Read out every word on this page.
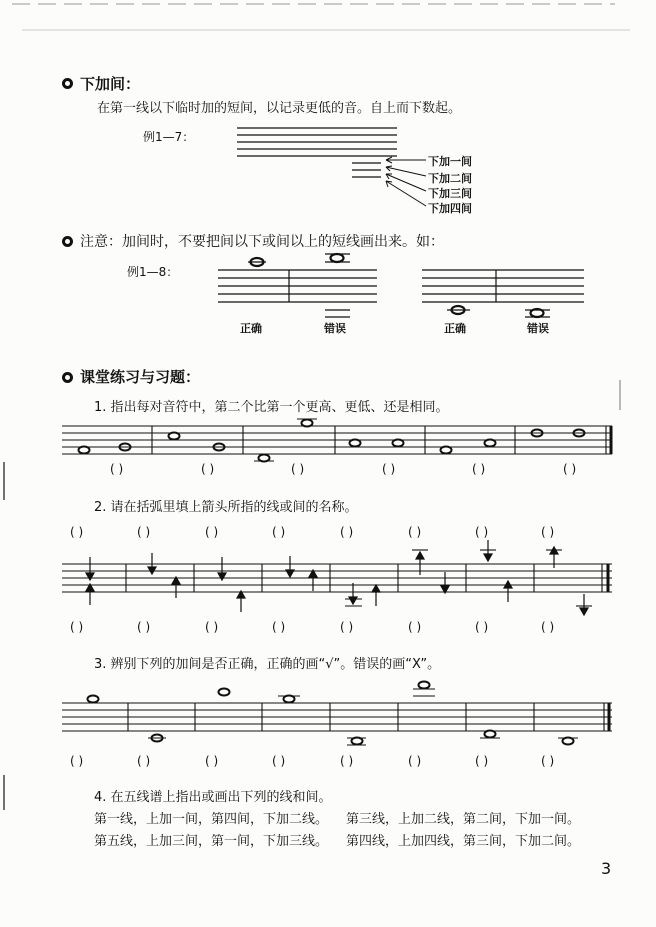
下加间：
在第一线以下临时加的短间，以记录更低的音。自上而下数起。
例1—7：
下加一间
下加二间
下加三间
下加四间
注意：加间时，不要把间以下或间以上的短线画出来。如：
例1—8：
正确	错误	正确	错误
课堂练习与习题：
1. 指出每对音符中，第二个比第一个更高、更低、还是相同。
( )	( )	( )	( )	( )	( )
2. 请在括弧里填上箭头所指的线或间的名称。
( )	( )	( )	( )	( )	( )	( )	( )
( )	( )	( )	( )	( )	( )	( )	( )
3. 辨别下列的加间是否正确，正确的画“√”。错误的画“X”。
( )	( )	( )	( )	( )	( )	( )	( )
4. 在五线谱上指出或画出下列的线和间。
第一线，上加一间，第四间，下加二线。 第三线，上加二线，第二间，下加一间。
第五线，上加三间，第一间，下加三线。 第四线，上加四线，第三间，下加二间。
3
